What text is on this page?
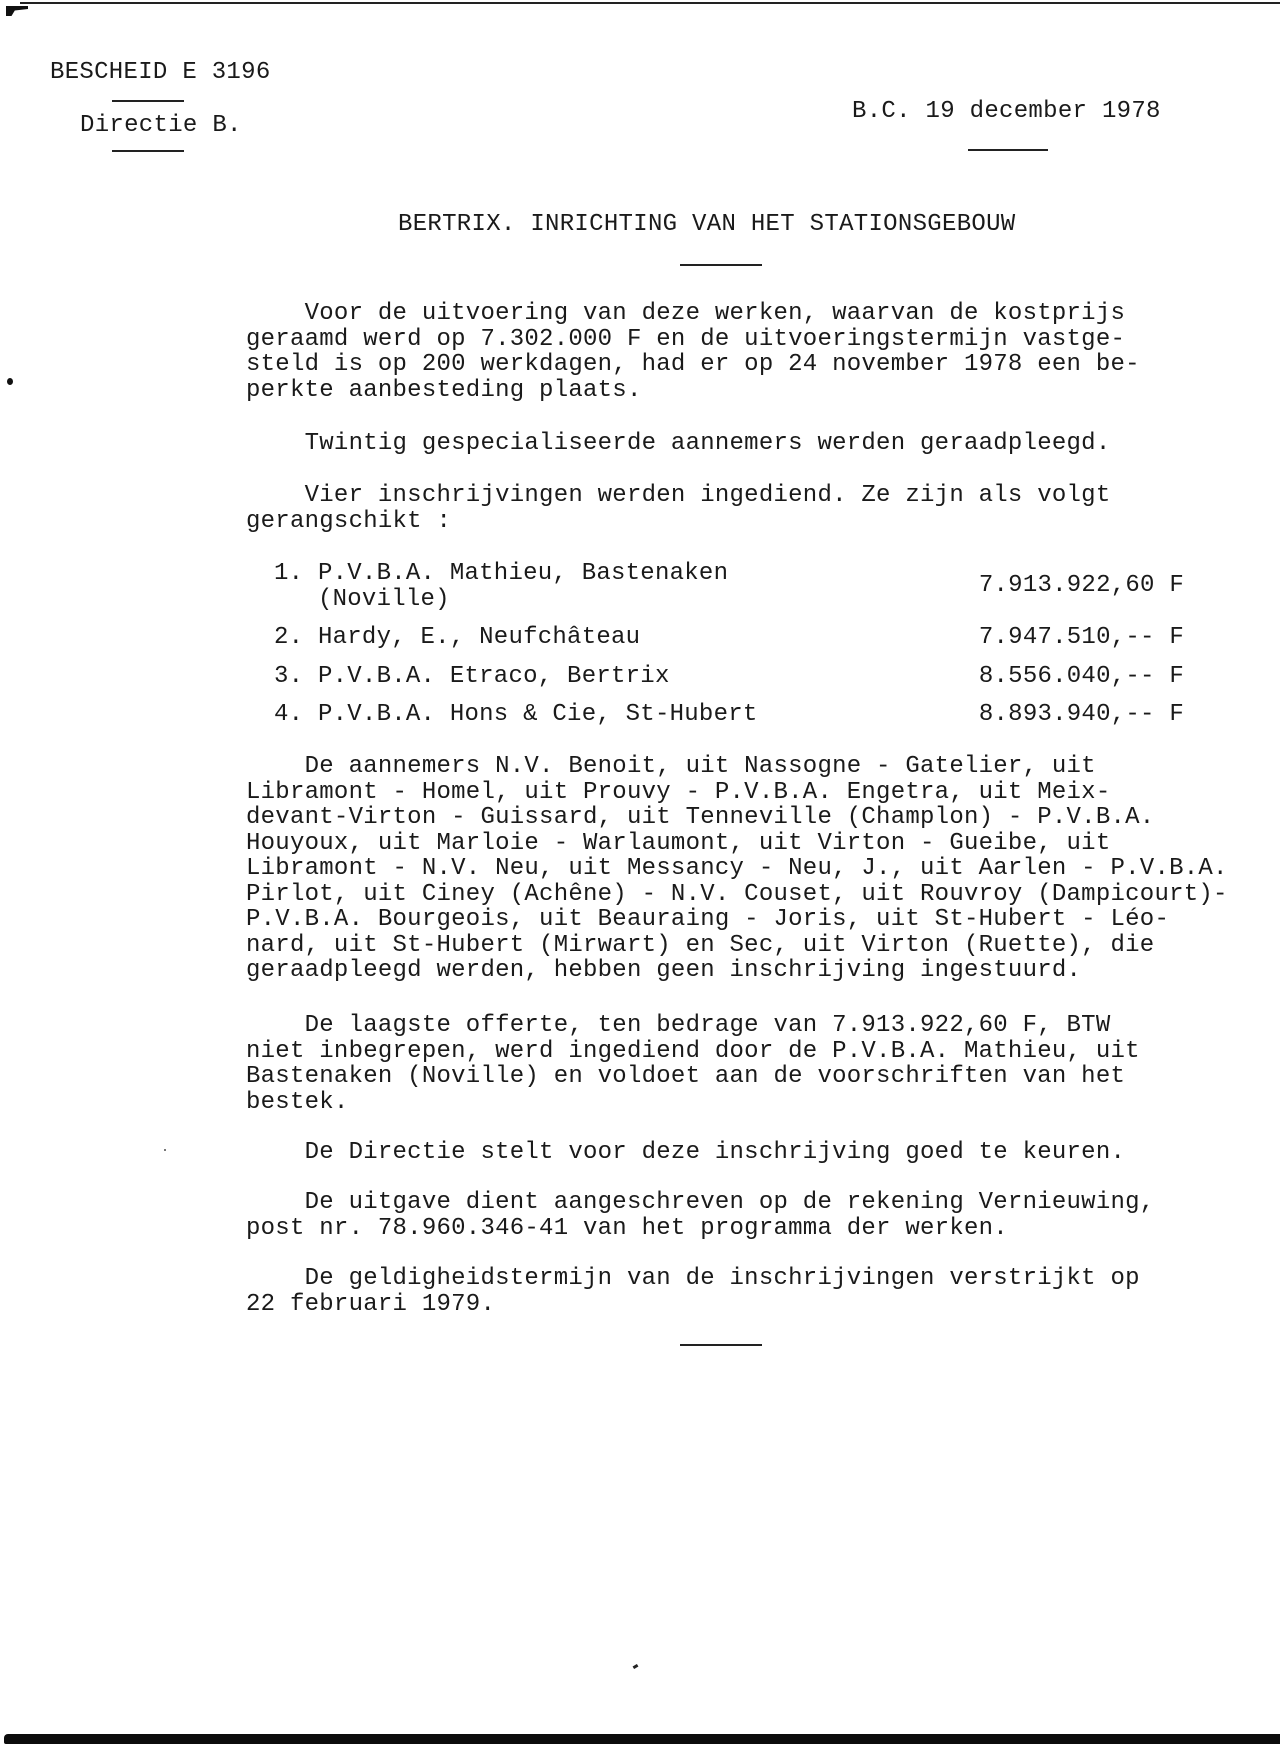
BESCHEID E 3196
Directie B.
B.C. 19 december 1978
BERTRIX. INRICHTING VAN HET STATIONSGEBOUW

Voor de uitvoering van deze werken, waarvan de kostprijs

geraamd werd op 7.302.000 F en de uitvoeringstermijn vastge-

steld is op 200 werkdagen, had er op 24 november 1978 een be-

perkte aanbesteding plaats.

Twintig gespecialiseerde aannemers werden geraadpleegd.

Vier inschrijvingen werden ingediend. Ze zijn als volgt

gerangschikt :

1. P.V.B.A. Mathieu, Bastenaken
(Noville)	7.913.922,60 F
2. Hardy, E., Neufchâteau	7.947.510,-- F
3. P.V.B.A. Etraco, Bertrix	8.556.040,-- F
4. P.V.B.A. Hons & Cie, St-Hubert	8.893.940,-- F

De aannemers N.V. Benoit, uit Nassogne - Gatelier, uit

Libramont - Homel, uit Prouvy - P.V.B.A. Engetra, uit Meix-

devant-Virton - Guissard, uit Tenneville (Champlon) - P.V.B.A.

Houyoux, uit Marloie - Warlaumont, uit Virton - Gueibe, uit

Libramont - N.V. Neu, uit Messancy - Neu, J., uit Aarlen - P.V.B.A.

Pirlot, uit Ciney (Achêne) - N.V. Couset, uit Rouvroy (Dampicourt)-

P.V.B.A. Bourgeois, uit Beauraing - Joris, uit St-Hubert - Léo-

nard, uit St-Hubert (Mirwart) en Sec, uit Virton (Ruette), die

geraadpleegd werden, hebben geen inschrijving ingestuurd.

De laagste offerte, ten bedrage van 7.913.922,60 F, BTW

niet inbegrepen, werd ingediend door de P.V.B.A. Mathieu, uit

Bastenaken (Noville) en voldoet aan de voorschriften van het

bestek.

De Directie stelt voor deze inschrijving goed te keuren.

De uitgave dient aangeschreven op de rekening Vernieuwing,

post nr. 78.960.346-41 van het programma der werken.

De geldigheidstermijn van de inschrijvingen verstrijkt op

22 februari 1979.
